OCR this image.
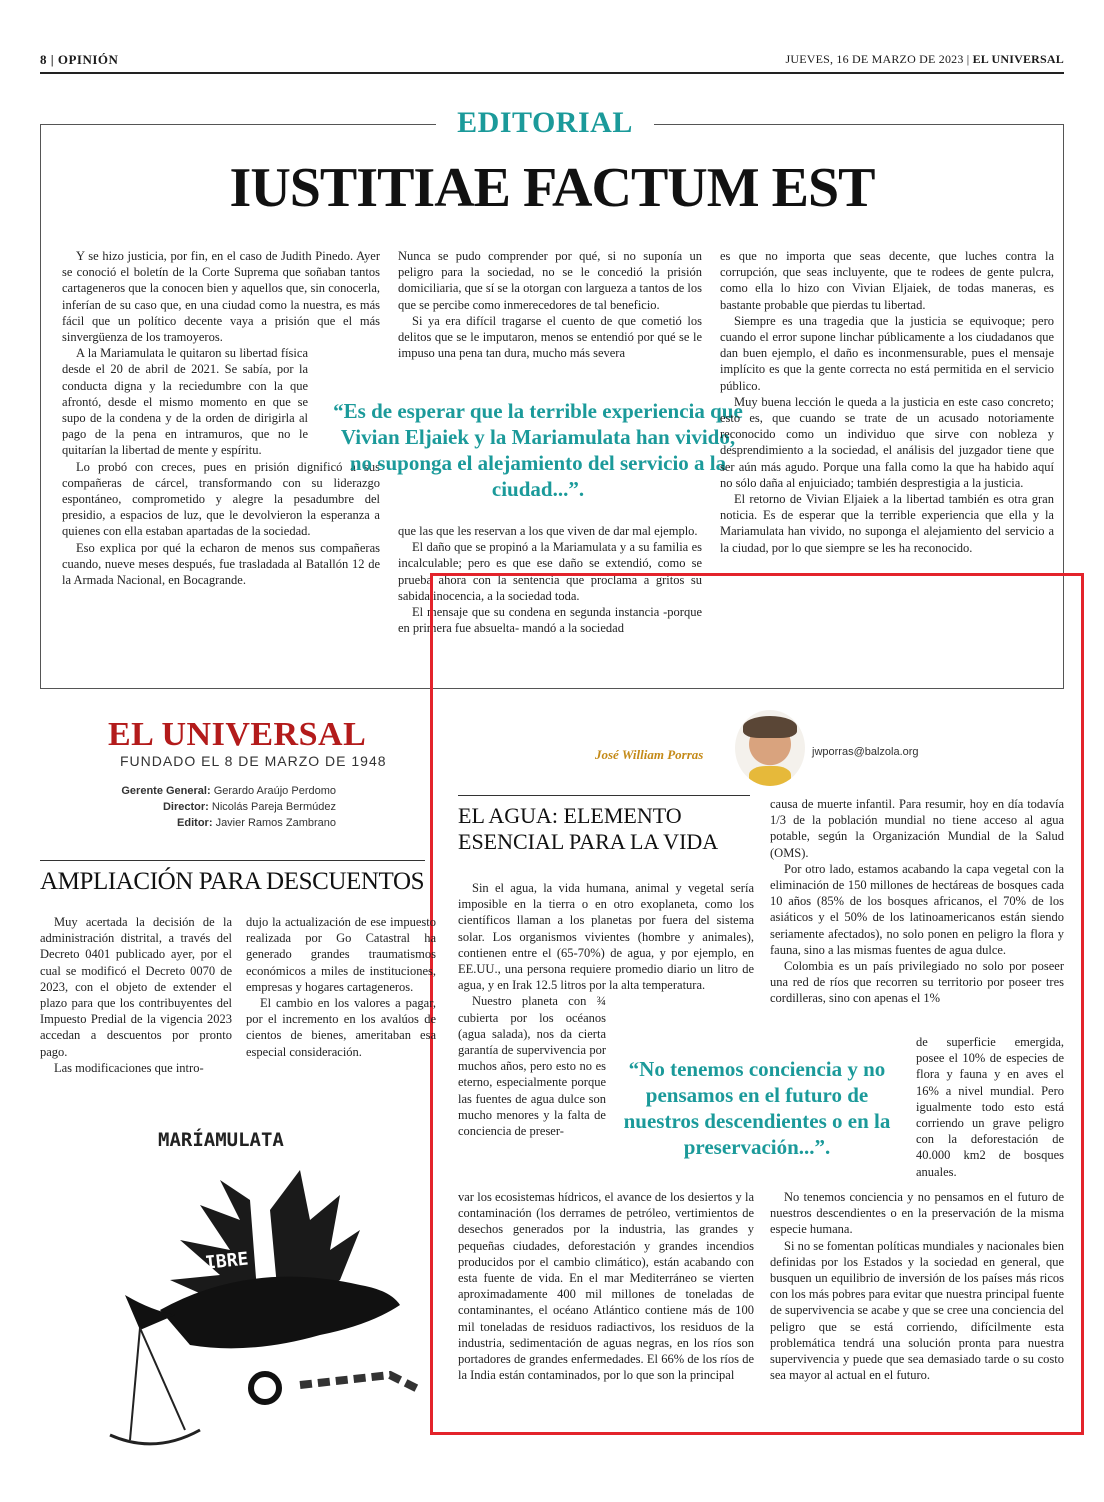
8 | OPINIÓN	JUEVES, 16 DE MARZO DE 2023 | EL UNIVERSAL
EDITORIAL
IUSTITIAE FACTUM EST

Y se hizo justicia, por fin, en el caso de Judith Pinedo. Ayer se conoció el boletín de la Corte Suprema que soñaban tantos cartageneros que la conocen bien y aquellos que, sin conocerla, inferían de su caso que, en una ciudad como la nuestra, es más fácil que un político decente vaya a prisión que el más sinvergüenza de los tramoyeros.

A la Mariamulata le quitaron su libertad física desde el 20 de abril de 2021. Se sabía, por la conducta digna y la reciedumbre con la que afrontó, desde el mismo momento en que se supo de la condena y de la orden de dirigirla al pago de la pena en intramuros, que no le quitarían la libertad de mente y espíritu.

Lo probó con creces, pues en prisión dignificó a sus compañeras de cárcel, transformando con su liderazgo espontáneo, comprometido y alegre la pesadumbre del presidio, a espacios de luz, que le devolvieron la esperanza a quienes con ella estaban apartadas de la sociedad.

Eso explica por qué la echaron de menos sus compañeras cuando, nueve meses después, fue trasladada al Batallón 12 de la Armada Nacional, en Bocagrande.

Nunca se pudo comprender por qué, si no suponía un peligro para la sociedad, no se le concedió la prisión domiciliaria, que sí se la otorgan con largueza a tantos de los que se percibe como inmerecedores de tal beneficio.

Si ya era difícil tragarse el cuento de que cometió los delitos que se le imputaron, menos se entendió por qué se le impuso una pena tan dura, mucho más severa

“Es de esperar que la terrible experiencia que Vivian Eljaiek y la Mariamulata han vivido, no suponga el alejamiento del servicio a la ciudad...”.

que las que les reservan a los que viven de dar mal ejemplo.

El daño que se propinó a la Mariamulata y a su familia es incalculable; pero es que ese daño se extendió, como se prueba ahora con la sentencia que proclama a gritos su sabida inocencia, a la sociedad toda.

El mensaje que su condena en segunda instancia -porque en primera fue absuelta- mandó a la sociedad

es que no importa que seas decente, que luches contra la corrupción, que seas incluyente, que te rodees de gente pulcra, como ella lo hizo con Vivian Eljaiek, de todas maneras, es bastante probable que pierdas tu libertad.

Siempre es una tragedia que la justicia se equivoque; pero cuando el error supone linchar públicamente a los ciudadanos que dan buen ejemplo, el daño es inconmensurable, pues el mensaje implícito es que la gente correcta no está permitida en el servicio público.

Muy buena lección le queda a la justicia en este caso concreto; esto es, que cuando se trate de un acusado notoriamente reconocido como un individuo que sirve con nobleza y desprendimiento a la sociedad, el análisis del juzgador tiene que ser aún más agudo. Porque una falla como la que ha habido aquí no sólo daña al enjuiciado; también desprestigia a la justicia.

El retorno de Vivian Eljaiek a la libertad también es otra gran noticia. Es de esperar que la terrible experiencia que ella y la Mariamulata han vivido, no suponga el alejamiento del servicio a la ciudad, por lo que siempre se les ha reconocido.

EL UNIVERSAL
FUNDADO EL 8 DE MARZO DE 1948
Gerente General: Gerardo Araújo Perdomo
Director: Nicolás Pareja Bermúdez
Editor: Javier Ramos Zambrano
AMPLIACIÓN PARA DESCUENTOS

Muy acertada la decisión de la administración distrital, a través del Decreto 0401 publicado ayer, por el cual se modificó el Decreto 0070 de 2023, con el objeto de extender el plazo para que los contribuyentes del Impuesto Predial de la vigencia 2023 accedan a descuentos por pronto pago.

Las modificaciones que intro-

dujo la actualización de ese impuesto realizada por Go Catastral ha generado grandes traumatismos económicos a miles de instituciones, empresas y hogares cartageneros.

El cambio en los valores a pagar, por el incremento en los avalúos de cientos de bienes, ameritaban esa especial consideración.

MARÍAMULATA
LIBRE
José William Porras	jwporras@balzola.org
EL AGUA: ELEMENTO ESENCIAL PARA LA VIDA

Sin el agua, la vida humana, animal y vegetal sería imposible en la tierra o en otro exoplaneta, como los científicos llaman a los planetas por fuera del sistema solar. Los organismos vivientes (hombre y animales), contienen entre el (65-70%) de agua, y por ejemplo, en EE.UU., una persona requiere promedio diario un litro de agua, y en Irak 12.5 litros por la alta temperatura.

Nuestro planeta con ¾ cubierta por los océanos (agua salada), nos da cierta garantía de supervivencia por muchos años, pero esto no es eterno, especialmente porque las fuentes de agua dulce son mucho menores y la falta de conciencia de preser-

var los ecosistemas hídricos, el avance de los desiertos y la contaminación (los derrames de petróleo, vertimientos de desechos generados por la industria, las grandes y pequeñas ciudades, deforestación y grandes incendios producidos por el cambio climático), están acabando con esta fuente de vida. En el mar Mediterráneo se vierten aproximadamente 400 mil millones de toneladas de contaminantes, el océano Atlántico contiene más de 100 mil toneladas de residuos radiactivos, los residuos de la industria, sedimentación de aguas negras, en los ríos son portadores de grandes enfermedades. El 66% de los ríos de la India están contaminados, por lo que son la principal

“No tenemos conciencia y no pensamos en el futuro de nuestros descendientes o en la preservación...”.

causa de muerte infantil. Para resumir, hoy en día todavía 1/3 de la población mundial no tiene acceso al agua potable, según la Organización Mundial de la Salud (OMS).

Por otro lado, estamos acabando la capa vegetal con la eliminación de 150 millones de hectáreas de bosques cada 10 años (85% de los bosques africanos, el 70% de los asiáticos y el 50% de los latinoamericanos están siendo seriamente afectados), no solo ponen en peligro la flora y fauna, sino a las mismas fuentes de agua dulce.

Colombia es un país privilegiado no solo por poseer una red de ríos que recorren su territorio por poseer tres cordilleras, sino con apenas el 1%

de superficie emergida, posee el 10% de especies de flora y fauna y en aves el 16% a nivel mundial. Pero igualmente todo esto está corriendo un grave peligro con la deforestación de 40.000 km2 de bosques anuales.

No tenemos conciencia y no pensamos en el futuro de nuestros descendientes o en la preservación de la misma especie humana.

Si no se fomentan políticas mundiales y nacionales bien definidas por los Estados y la sociedad en general, que busquen un equilibrio de inversión de los países más ricos con los más pobres para evitar que nuestra principal fuente de supervivencia se acabe y que se cree una conciencia del peligro que se está corriendo, difícilmente esta problemática tendrá una solución pronta para nuestra supervivencia y puede que sea demasiado tarde o su costo sea mayor al actual en el futuro.
